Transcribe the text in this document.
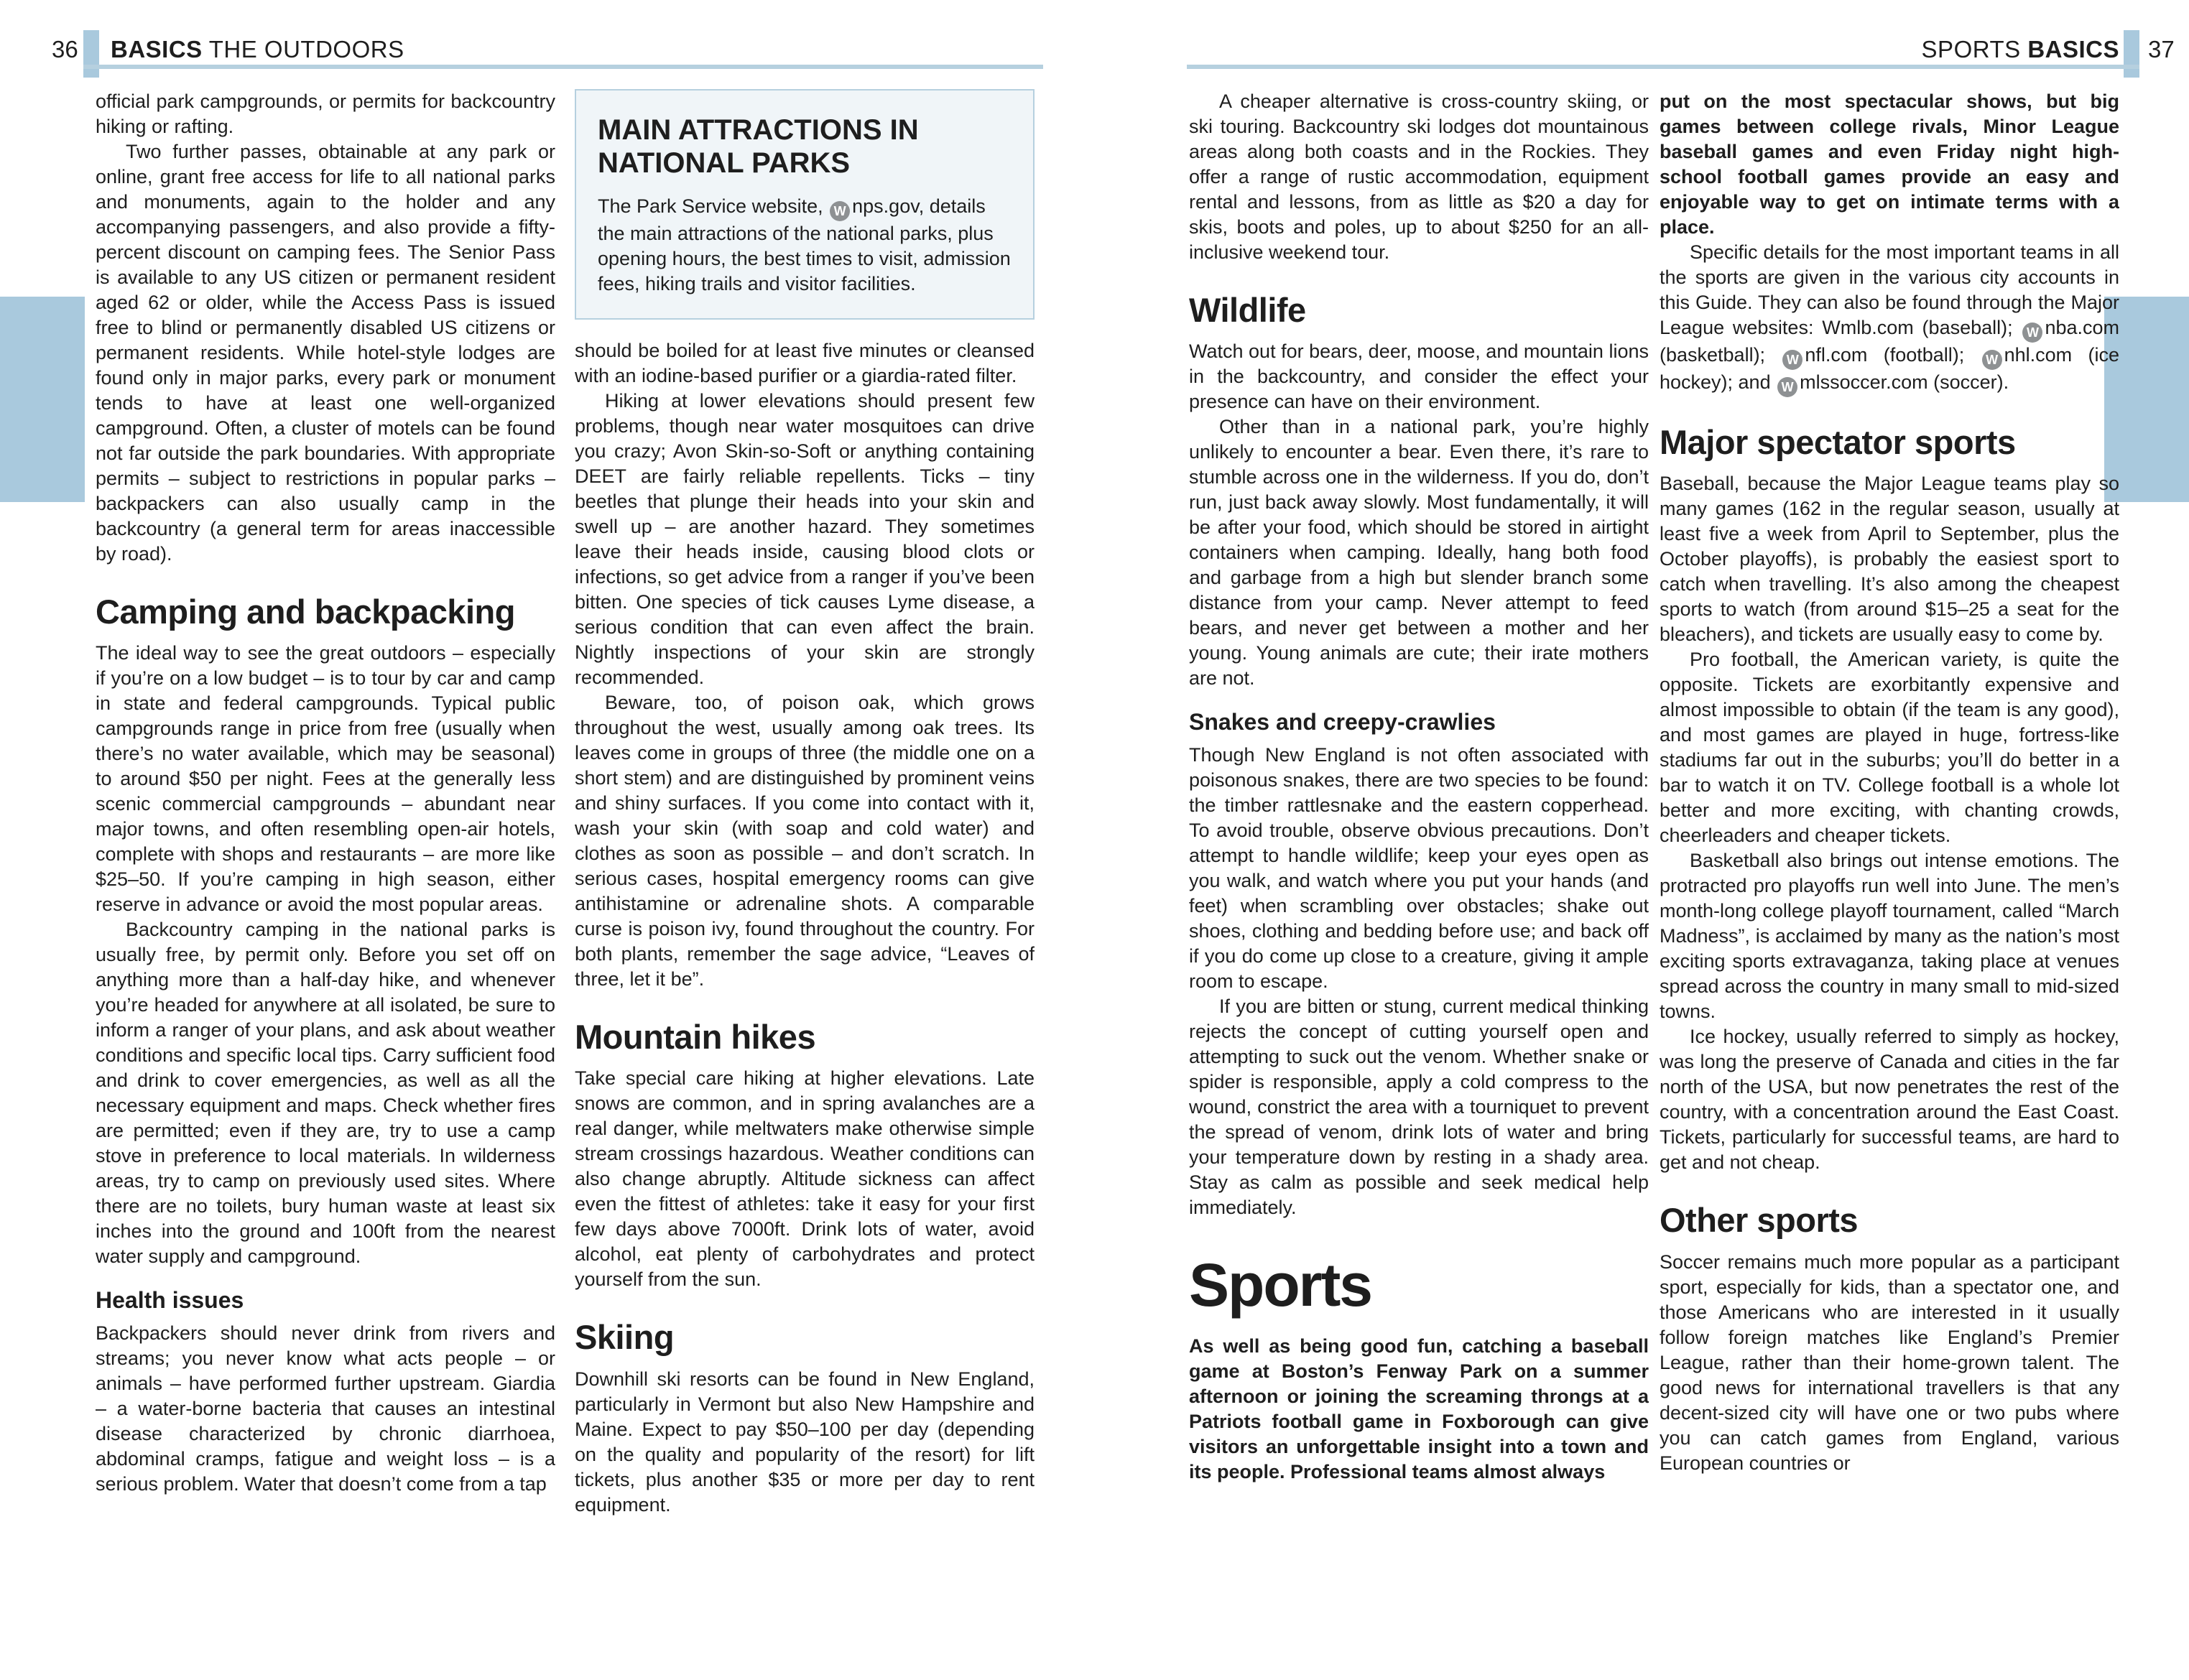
36 BASICS THE OUTDOORS	SPORTS BASICS 37

official park campgrounds, or permits for backcountry hiking or rafting.

Two further passes, obtainable at any park or online, grant free access for life to all national parks and monuments, again to the holder and any accompanying passengers, and also provide a fifty-percent discount on camping fees. The Senior Pass is available to any US citizen or permanent resident aged 62 or older, while the Access Pass is issued free to blind or permanently disabled US citizens or permanent residents. While hotel-style lodges are found only in major parks, every park or monument tends to have at least one well-organized campground. Often, a cluster of motels can be found not far outside the park boundaries. With appropriate permits – subject to restrictions in popular parks – backpackers can also usually camp in the backcountry (a general term for areas inaccessible by road).

Camping and backpacking

The ideal way to see the great outdoors – especially if you’re on a low budget – is to tour by car and camp in state and federal campgrounds. Typical public campgrounds range in price from free (usually when there’s no water available, which may be seasonal) to around $50 per night. Fees at the generally less scenic commercial campgrounds – abundant near major towns, and often resembling open-air hotels, complete with shops and restaurants – are more like $25–50. If you’re camping in high season, either reserve in advance or avoid the most popular areas.

Backcountry camping in the national parks is usually free, by permit only. Before you set off on anything more than a half-day hike, and whenever you’re headed for anywhere at all isolated, be sure to inform a ranger of your plans, and ask about weather conditions and specific local tips. Carry sufficient food and drink to cover emergencies, as well as all the necessary equipment and maps. Check whether fires are permitted; even if they are, try to use a camp stove in preference to local materials. In wilderness areas, try to camp on previously used sites. Where there are no toilets, bury human waste at least six inches into the ground and 100ft from the nearest water supply and campground.

Health issues

Backpackers should never drink from rivers and streams; you never know what acts people – or animals – have performed further upstream. Giardia – a water-borne bacteria that causes an intestinal disease characterized by chronic diarrhoea, abdominal cramps, fatigue and weight loss – is a serious problem. Water that doesn’t come from a tap

MAIN ATTRACTIONS IN NATIONAL PARKS

The Park Service website, W nps.gov, details the main attractions of the national parks, plus opening hours, the best times to visit, admission fees, hiking trails and visitor facilities.

should be boiled for at least five minutes or cleansed with an iodine-based purifier or a giardia-rated filter.

Hiking at lower elevations should present few problems, though near water mosquitoes can drive you crazy; Avon Skin-so-Soft or anything containing DEET are fairly reliable repellents. Ticks – tiny beetles that plunge their heads into your skin and swell up – are another hazard. They sometimes leave their heads inside, causing blood clots or infections, so get advice from a ranger if you’ve been bitten. One species of tick causes Lyme disease, a serious condition that can even affect the brain. Nightly inspections of your skin are strongly recommended.

Beware, too, of poison oak, which grows throughout the west, usually among oak trees. Its leaves come in groups of three (the middle one on a short stem) and are distinguished by prominent veins and shiny surfaces. If you come into contact with it, wash your skin (with soap and cold water) and clothes as soon as possible – and don’t scratch. In serious cases, hospital emergency rooms can give antihistamine or adrenaline shots. A comparable curse is poison ivy, found throughout the country. For both plants, remember the sage advice, “Leaves of three, let it be”.

Mountain hikes

Take special care hiking at higher elevations. Late snows are common, and in spring avalanches are a real danger, while meltwaters make otherwise simple stream crossings hazardous. Weather conditions can also change abruptly. Altitude sickness can affect even the fittest of athletes: take it easy for your first few days above 7000ft. Drink lots of water, avoid alcohol, eat plenty of carbohydrates and protect yourself from the sun.

Skiing

Downhill ski resorts can be found in New England, particularly in Vermont but also New Hampshire and Maine. Expect to pay $50–100 per day (depending on the quality and popularity of the resort) for lift tickets, plus another $35 or more per day to rent equipment.

A cheaper alternative is cross-country skiing, or ski touring. Backcountry ski lodges dot mountainous areas along both coasts and in the Rockies. They offer a range of rustic accommodation, equipment rental and lessons, from as little as $20 a day for skis, boots and poles, up to about $250 for an all-inclusive weekend tour.

Wildlife

Watch out for bears, deer, moose, and mountain lions in the backcountry, and consider the effect your presence can have on their environment.

Other than in a national park, you’re highly unlikely to encounter a bear. Even there, it’s rare to stumble across one in the wilderness. If you do, don’t run, just back away slowly. Most fundamentally, it will be after your food, which should be stored in airtight containers when camping. Ideally, hang both food and garbage from a high but slender branch some distance from your camp. Never attempt to feed bears, and never get between a mother and her young. Young animals are cute; their irate mothers are not.

Snakes and creepy-crawlies

Though New England is not often associated with poisonous snakes, there are two species to be found: the timber rattlesnake and the eastern copperhead. To avoid trouble, observe obvious precautions. Don’t attempt to handle wildlife; keep your eyes open as you walk, and watch where you put your hands (and feet) when scrambling over obstacles; shake out shoes, clothing and bedding before use; and back off if you do come up close to a creature, giving it ample room to escape.

If you are bitten or stung, current medical thinking rejects the concept of cutting yourself open and attempting to suck out the venom. Whether snake or spider is responsible, apply a cold compress to the wound, constrict the area with a tourniquet to prevent the spread of venom, drink lots of water and bring your temperature down by resting in a shady area. Stay as calm as possible and seek medical help immediately.

Sports

As well as being good fun, catching a baseball game at Boston’s Fenway Park on a summer afternoon or joining the screaming throngs at a Patriots football game in Foxborough can give visitors an unforgettable insight into a town and its people. Professional teams almost always

put on the most spectacular shows, but big games between college rivals, Minor League baseball games and even Friday night high-school football games provide an easy and enjoyable way to get on intimate terms with a place.

Specific details for the most important teams in all the sports are given in the various city accounts in this Guide. They can also be found through the Major League websites: Wmlb.com (baseball); W nba.com (basketball); W nfl.com (football); W nhl.com (ice hockey); and W mlssoccer.com (soccer).

Major spectator sports

Baseball, because the Major League teams play so many games (162 in the regular season, usually at least five a week from April to September, plus the October playoffs), is probably the easiest sport to catch when travelling. It’s also among the cheapest sports to watch (from around $15–25 a seat for the bleachers), and tickets are usually easy to come by.

Pro football, the American variety, is quite the opposite. Tickets are exorbitantly expensive and almost impossible to obtain (if the team is any good), and most games are played in huge, fortress-like stadiums far out in the suburbs; you’ll do better in a bar to watch it on TV. College football is a whole lot better and more exciting, with chanting crowds, cheerleaders and cheaper tickets.

Basketball also brings out intense emotions. The protracted pro playoffs run well into June. The men’s month-long college playoff tournament, called “March Madness”, is acclaimed by many as the nation’s most exciting sports extravaganza, taking place at venues spread across the country in many small to mid-sized towns.

Ice hockey, usually referred to simply as hockey, was long the preserve of Canada and cities in the far north of the USA, but now penetrates the rest of the country, with a concentration around the East Coast. Tickets, particularly for successful teams, are hard to get and not cheap.

Other sports

Soccer remains much more popular as a participant sport, especially for kids, than a spectator one, and those Americans who are interested in it usually follow foreign matches like England’s Premier League, rather than their home-grown talent. The good news for international travellers is that any decent-sized city will have one or two pubs where you can catch games from England, various European countries or
